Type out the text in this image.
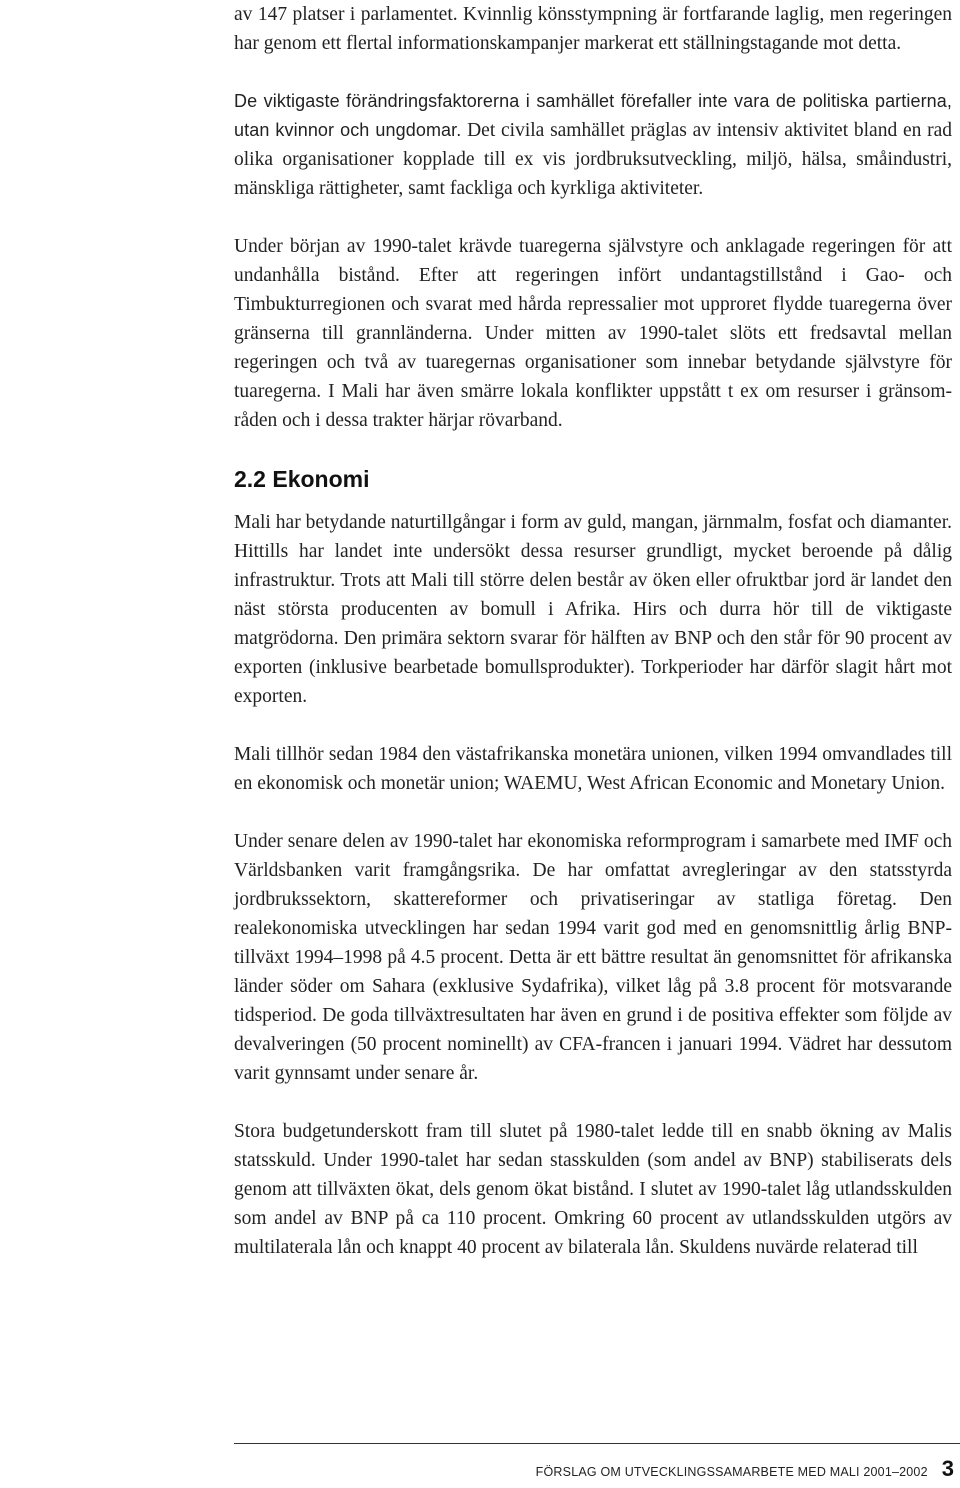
av 147 platser i parlamentet. Kvinnlig könsstympning är fortfarande laglig, men regeringen har genom ett flertal informationskampanjer markerat ett ställningstagande mot detta.

De viktigaste förändringsfaktorerna i samhället förefaller inte vara de politiska partierna, utan kvinnor och ungdomar. Det civila samhället präglas av intensiv aktivitet bland en rad olika organisationer kopplade till ex vis jordbruksutveckling, miljö, hälsa, småindustri, mänskliga rättigheter, samt fackliga och kyrkliga aktiviteter.

Under början av 1990-talet krävde tuaregerna självstyre och anklagade regeringen för att undanhålla bistånd. Efter att regeringen infört undantagstillstånd i Gao- och Timbukturregionen och svarat med hårda repressalier mot upproret flydde tuaregerna över gränserna till grannländerna. Under mitten av 1990-talet slöts ett fredsavtal mellan regeringen och två av tuaregernas organisationer som innebar betydande självstyre för tuaregerna. I Mali har även smärre lokala konflikter uppstått t ex om resurser i gränsområden och i dessa trakter härjar rövarband.

2.2 Ekonomi

Mali har betydande naturtillgångar i form av guld, mangan, järnmalm, fosfat och diamanter. Hittills har landet inte undersökt dessa resurser grundligt, mycket beroende på dålig infrastruktur. Trots att Mali till större delen består av öken eller ofruktbar jord är landet den näst största producenten av bomull i Afrika. Hirs och durra hör till de viktigaste matgrödorna. Den primära sektorn svarar för hälften av BNP och den står för 90 procent av exporten (inklusive bearbetade bomullsprodukter). Torkperioder har därför slagit hårt mot exporten.

Mali tillhör sedan 1984 den västafrikanska monetära unionen, vilken 1994 omvandlades till en ekonomisk och monetär union; WAEMU, West African Economic and Monetary Union.

Under senare delen av 1990-talet har ekonomiska reformprogram i samarbete med IMF och Världsbanken varit framgångsrika. De har omfattat avregleringar av den statsstyrda jordbrukssektorn, skattereformer och privatiseringar av statliga företag. Den realekonomiska utvecklingen har sedan 1994 varit god med en genomsnittlig årlig BNP-tillväxt 1994–1998 på 4.5 procent. Detta är ett bättre resultat än genomsnittet för afrikanska länder söder om Sahara (exklusive Sydafrika), vilket låg på 3.8 procent för motsvarande tidsperiod. De goda tillväxtresultaten har även en grund i de positiva effekter som följde av devalveringen (50 procent nominellt) av CFA-francen i januari 1994. Vädret har dessutom varit gynnsamt under senare år.

Stora budgetunderskott fram till slutet på 1980-talet ledde till en snabb ökning av Malis statsskuld. Under 1990-talet har sedan stasskulden (som andel av BNP) stabiliserats dels genom att tillväxten ökat, dels genom ökat bistånd. I slutet av 1990-talet låg utlandsskulden som andel av BNP på ca 110 procent. Omkring 60 procent av utlandsskulden utgörs av multilaterala lån och knappt 40 procent av bilaterala lån. Skuldens nuvärde relaterad till

FÖRSLAG OM UTVECKLINGSSAMARBETE MED MALI 2001–2002 3
